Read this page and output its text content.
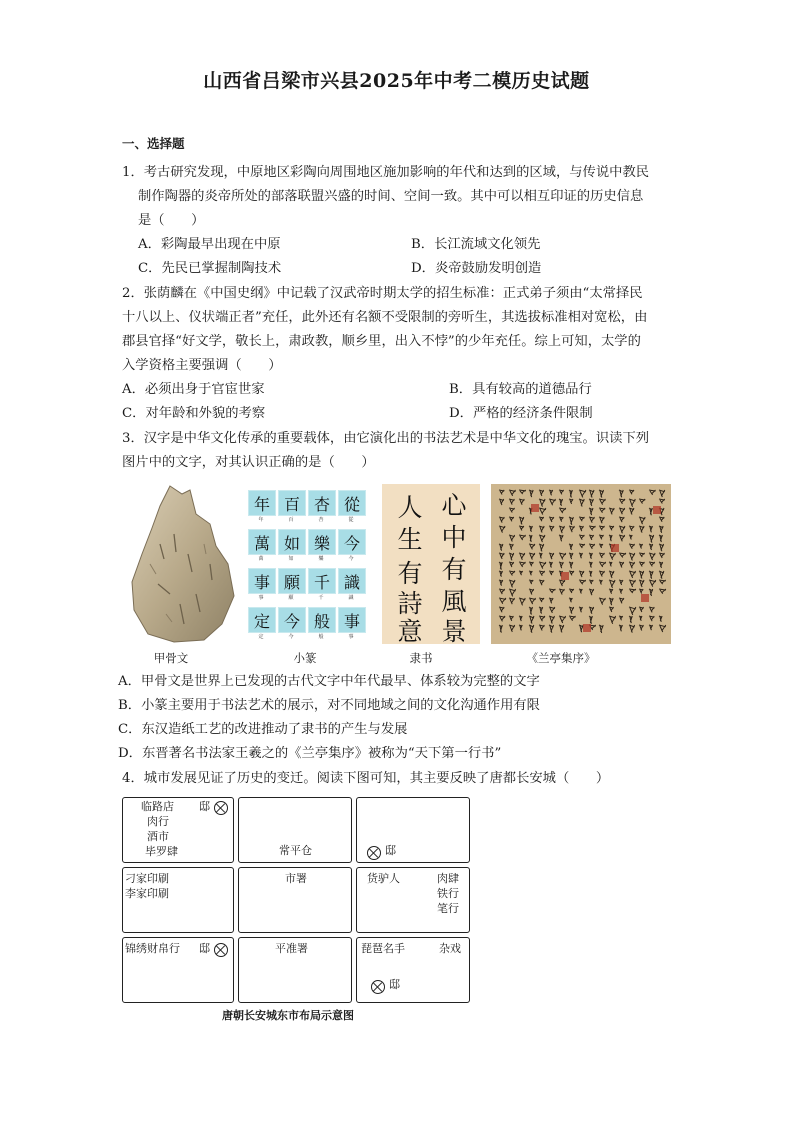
山西省吕梁市兴县2025年中考二模历史试题
一、选择题
1．考古研究发现，中原地区彩陶向周围地区施加影响的年代和达到的区域，与传说中教民
制作陶器的炎帝所处的部落联盟兴盛的时间、空间一致。其中可以相互印证的历史信息
是（　　）
A．彩陶最早出现在中原	B．长江流域文化领先
C．先民已掌握制陶技术	D．炎帝鼓励发明创造
2．张荫麟在《中国史纲》中记载了汉武帝时期太学的招生标准：正式弟子须由“太常择民
十八以上、仪状端正者”充任，此外还有名额不受限制的旁听生，其选拔标准相对宽松，由
郡县官择“好文学，敬长上，肃政教，顺乡里，出入不悖”的少年充任。综上可知，太学的
入学资格主要强调（　　）
A．必须出身于官宦世家	B．具有较高的道德品行
C．对年龄和外貌的考察	D．严格的经济条件限制
3．汉字是中华文化传承的重要载体，由它演化出的书法艺术是中华文化的瑰宝。识读下列
图片中的文字，对其认识正确的是（　　）
年
年
百
百
杏
杏
從
從
萬
萬
如
如
樂
樂
今
今
事
事
願
願
千
千
識
識
定
定
今
今
般
般
事
事
人 心
生 中
有 有
詩 風
意 景
甲骨文	小篆	隶书	《兰亭集序》
A．甲骨文是世界上已发现的古代文字中年代最早、体系较为完整的文字
B．小篆主要用于书法艺术的展示，对不同地域之间的文化沟通作用有限
C．东汉造纸工艺的改进推动了隶书的产生与发展
D．东晋著名书法家王羲之的《兰亭集序》被称为“天下第一行书”
4．城市发展见证了历史的变迁。阅读下图可知，其主要反映了唐都长安城（　　）
临路店 邸
肉行
酒市
毕罗肆	常平仓	邸
刁家印刷
李家印刷
市署	货驴人	肉肆
铁行
笔行
锦绣财帛行 邸	平准署	琵琶名手	杂戏
邸
唐朝长安城东市布局示意图
